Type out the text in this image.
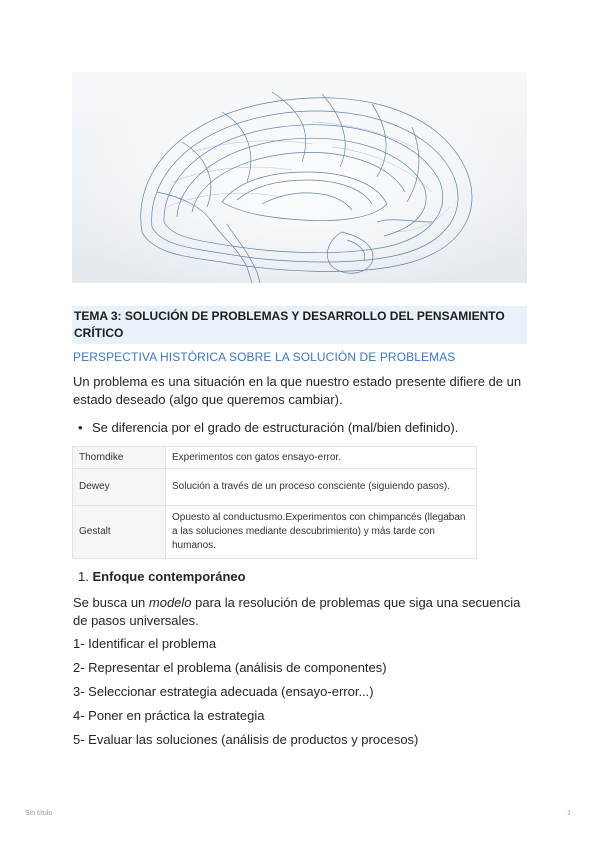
TEMA 3: SOLUCIÓN DE PROBLEMAS Y DESARROLLO DEL PENSAMIENTO CRÍTICO
PERSPECTIVA HISTÓRICA SOBRE LA SOLUCIÓN DE PROBLEMAS
Un problema es una situación en la que nuestro estado presente difiere de un estado deseado (algo que queremos cambiar).
• Se diferencia por el grado de estructuración (mal/bien definido).
Thorndike	Experimentos con gatos ensayo-error.
Dewey	Solución a través de un proceso consciente (siguiendo pasos).
Gestalt	Opuesto al conductusmo.Experimentos con chimpancés (llegaban a las soluciones mediante descubrimiento) y más tarde con humanos.
1. Enfoque contemporáneo
Se busca un modelo para la resolución de problemas que siga una secuencia de pasos universales.
1- Identificar el problema
2- Representar el problema (análisis de componentes)
3- Seleccionar estrategia adecuada (ensayo-error...)
4- Poner en práctica la estrategia
5- Evaluar las soluciones (análisis de productos y procesos)
Sin título	1
